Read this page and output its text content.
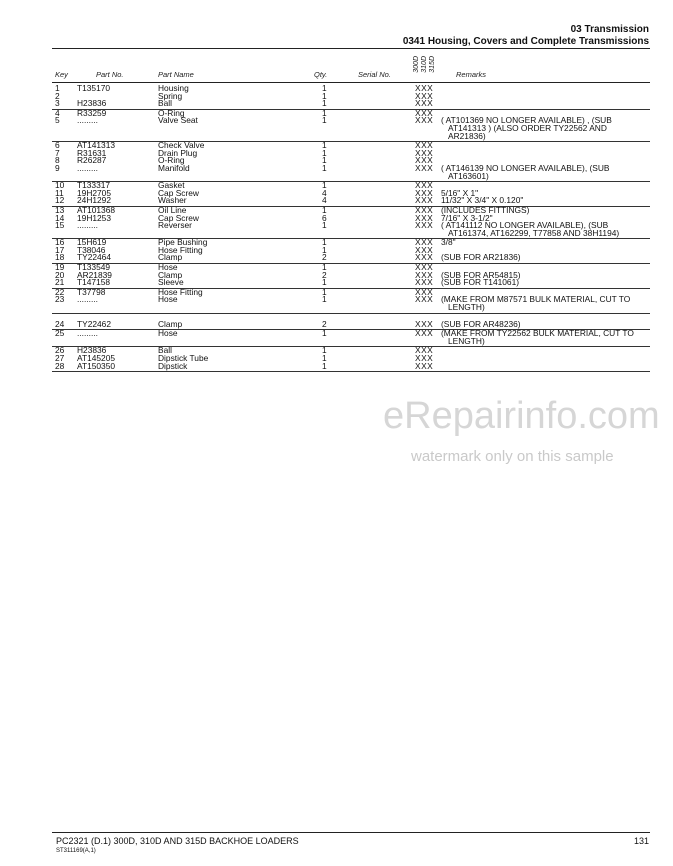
03 Transmission
0341 Housing, Covers and Complete Transmissions
Key	Part No.	Part Name	Qty.	Serial No.
300D 310D 315D
Remarks
1 T135170	Housing	1	XXX
2	Spring	1	XXX
3 H23836	Ball	1	XXX
4 R33259	O-Ring	1	XXX
5 .........	Valve Seat	1	XXX ( AT101369 NO LONGER AVAILABLE) , (SUB
AT141313 ) (ALSO ORDER TY22562 AND
AR21836)
6 AT141313	Check Valve	1	XXX
7 R31631	Drain Plug	1	XXX
8 R26287	O-Ring	1	XXX
9 .........	Manifold	1	XXX ( AT146139 NO LONGER AVAILABLE), (SUB
AT163601)
10 T133317	Gasket	1	XXX
11 19H2705	Cap Screw	4	XXX 5/16" X 1"
12 24H1292	Washer	4	XXX 11/32" X 3/4" X 0.120"
13 AT101368	Oil Line	1	XXX (INCLUDES FITTINGS)
14 19H1253	Cap Screw	6	XXX 7/16" X 3-1/2"
15 .........	Reverser	1	XXX ( AT141112 NO LONGER AVAILABLE), (SUB
AT161374, AT162299, T77858 AND 38H1194)
16 15H619	Pipe Bushing	1	XXX 3/8"
17 T38046	Hose Fitting	1	XXX
18 TY22464	Clamp	2	XXX (SUB FOR AR21836)
19 T133549	Hose	1	XXX
20 AR21839	Clamp	2	XXX (SUB FOR AR54815)
21 T147158	Sleeve	1	XXX (SUB FOR T141061)
22 T37798	Hose Fitting	1	XXX
23 .........	Hose	1	XXX (MAKE FROM M87571 BULK MATERIAL, CUT TO
LENGTH)
24 TY22462	Clamp	2	XXX (SUB FOR AR48236)
25 .........	Hose	1	XXX (MAKE FROM TY22562 BULK MATERIAL, CUT TO
LENGTH)
26 H23836	Ball	1	XXX
27 AT145205	Dipstick Tube	1	XXX
28 AT150350	Dipstick	1	XXX
eRepairinfo.com
watermark only on this sample
PC2321 (D.1) 300D, 310D AND 315D BACKHOE LOADERS
ST311169(A,1)
131
